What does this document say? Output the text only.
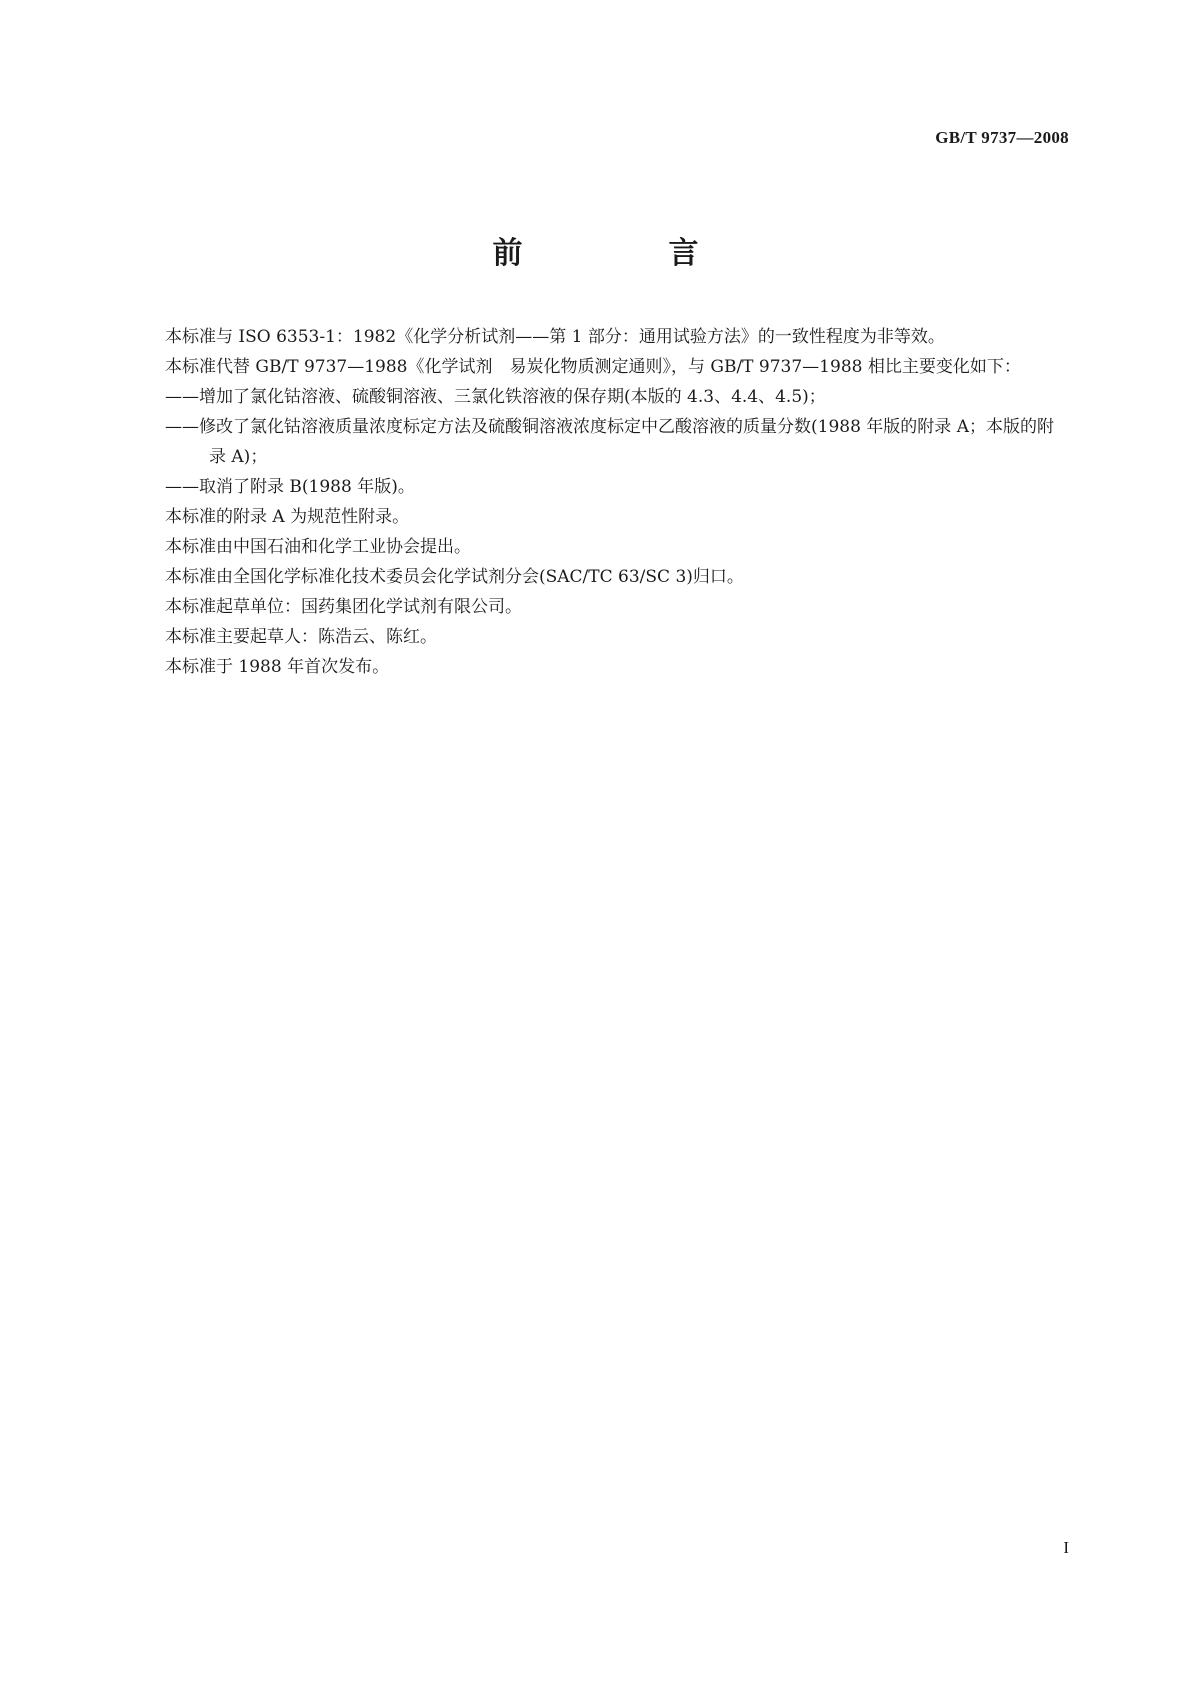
GB/T 9737—2008
前　言

本标准与 ISO 6353-1：1982《化学分析试剂——第 1 部分：通用试验方法》的一致性程度为非等效。

本标准代替 GB/T 9737—1988《化学试剂　易炭化物质测定通则》，与 GB/T 9737—1988 相比主要变化如下：

——增加了氯化钴溶液、硫酸铜溶液、三氯化铁溶液的保存期(本版的 4.3、4.4、4.5)；

——修改了氯化钴溶液质量浓度标定方法及硫酸铜溶液浓度标定中乙酸溶液的质量分数(1988 年版的附录 A；本版的附录 A)；

——取消了附录 B(1988 年版)。

本标准的附录 A 为规范性附录。

本标准由中国石油和化学工业协会提出。

本标准由全国化学标准化技术委员会化学试剂分会(SAC/TC 63/SC 3)归口。

本标准起草单位：国药集团化学试剂有限公司。

本标准主要起草人：陈浩云、陈红。

本标准于 1988 年首次发布。

I
